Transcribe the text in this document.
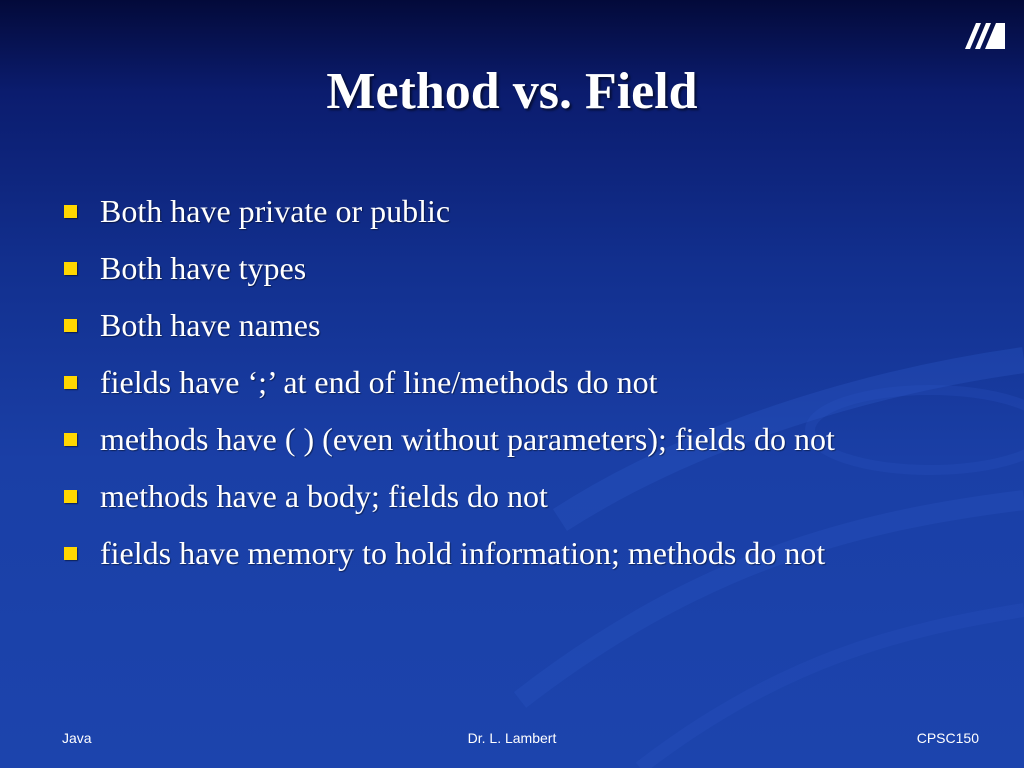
Method vs. Field
Both have private or public
Both have types
Both have names
fields have ‘;’ at end of line/methods do not
methods have ( ) (even without parameters); fields do not
methods have a body; fields do not
fields have memory to hold information; methods do not
Java	Dr. L. Lambert	CPSC150
